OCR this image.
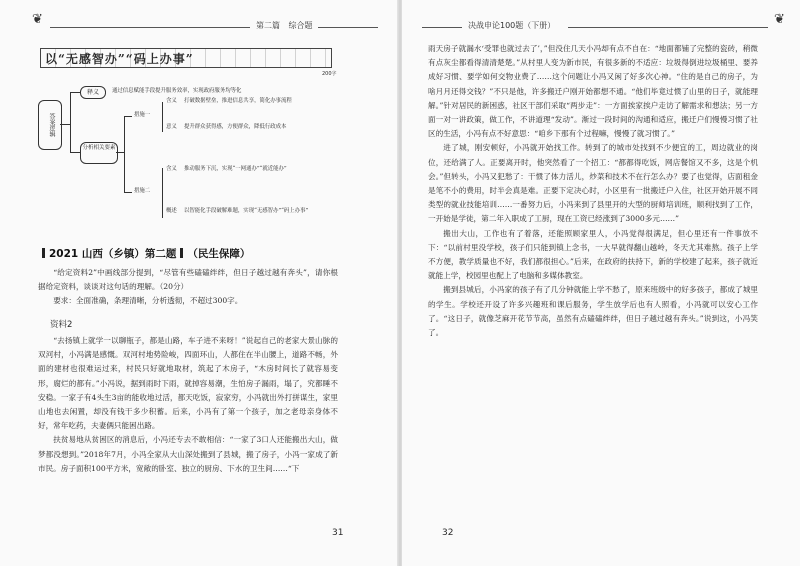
❦	第二篇 综合题
以“无感智办”“码上办事”
200字
答案逻辑
释义	通过信息赋能手段提升服务效率，实现政府服务均等化
分析相关要素
措施一
含义 打破数据壁垒，推进信息共享，简化办事流程
意义 提升群众获得感，方便群众，降低行政成本
措施二
含义 推动服务下沉，实现“一网通办”“就近能办”
概述 以智能化手段破解难题，实现“无感智办”“码上办事”
2021 山西（乡镇）第二题 （民生保障）

“给定资料2”中画线部分提到，“尽管有些磕磕绊绊，但日子越过越有奔头”，请你根据给定资料，谈谈对这句话的理解。（20分）

要求：全面准确，条理清晰，分析透彻，不超过300字。

资料2

“去扬镇上就学一以聊瓶子，都是山路，车子进不来呀！”说起自己的老家大景山脉的双河村，小冯满是感慨。双河村地势险峻，四面环山，人都住在半山腰上，道路不畅，外面的建材也很难运过来，村民只好就地取材，筑起了木房子，“木房时间长了就容易变形，腐烂的都有。”小冯说，据到雨时下雨，就掉容易潮，生怕房子漏雨，塌了，究都睡不安稳。一家子有4头生3亩的能收地过活，都天吃饭，寂家穷，小冯就出外打拼谋生，家里山地也去闲置，却没有钱干多少积蓄。后来，小冯有了第一个孩子，加之老母亲身体不好，常年吃药，夫妻俩只能困出路。

扶贫易地从贫困区的消息后，小冯还专去不敢相信：“一家了3口人还能搬出大山，做梦都没想到。”2018年7月，小冯全家从大山深处搬到了县城，搬了房子，小冯一家成了新市民。房子面积100平方米，宽敞的卧室、独立的厨房、下水的卫生间……“下

31
决战申论100题（下册）	❦

雨天房子就漏水‘受罪也就过去了’，”但没住几天小冯却有点不自在：“地面都铺了完整的瓷砖，稍微有点灰尘都看得清清楚楚。”从村里人变为新市民，有很多新的不适应：垃圾得倒进垃圾桶里、要养成好习惯、要学如何交物业费了……这个问题让小冯又闲了好多次心神。“住的是自己的房子，为啥月月还得交钱？”不只是他，许多搬迁户刚开始都想不通。“他们毕竟过惯了山里的日子，就能理解。”针对居民的新困惑，社区干部们采取“两步走”：一方面挨家挨户走访了解需求和想法；另一方面一对一讲政策，做工作，不讲道理“发动”。渐过一段时间的沟通和适应，搬迁户们慢慢习惯了社区的生活，小冯有点不好意思：“咱乡下那有个过程嘛，慢慢了就习惯了。”

进了城，刚安顿好，小冯就开始找工作。转到了的城市处找到不少便宜的工，周边就业的岗位，还给满了人。正要离开时，他突然看了一个招工：“都都得吃饭，网店餐馆又不多，这是个机会。”但转头，小冯又犯愁了：干惯了体力活儿，炒菜和技术不在行怎么办？要了也觉得，店面租金是笔不小的费用，时半会真是难。正要下定决心时，小区里有一批搬迁户入住，社区开始开展不同类型的就业技能培训……一番努力后，小冯来到了县里开的大型的厨师培训班，顺利找到了工作，一开始是学徒，第二年入职成了工厨，现在工资已经涨到了3000多元……”

搬出大山，工作也有了着落，还能照顾家里人，小冯觉得很满足，但心里还有一件事放不下：“以前村里没学校，孩子们只能到镇上念书，一大早就得翻山越岭，冬天尤其难熬。孩子上学不方便，教学质量也不好，我们都很担心。”后来，在政府的扶持下，新的学校建了起来，孩子就近就能上学，校园里也配上了电脑和多媒体教室。

搬到县城后，小冯家的孩子有了几分钟就能上学不愁了，原来班级中的好多孩子，都成了城里的学生。学校还开设了许多兴趣班和课后服务，学生放学后也有人照看，小冯就可以安心工作了。“这日子，就像芝麻开花节节高，虽然有点磕磕绊绊，但日子越过越有奔头。”说到这，小冯笑了。

32
